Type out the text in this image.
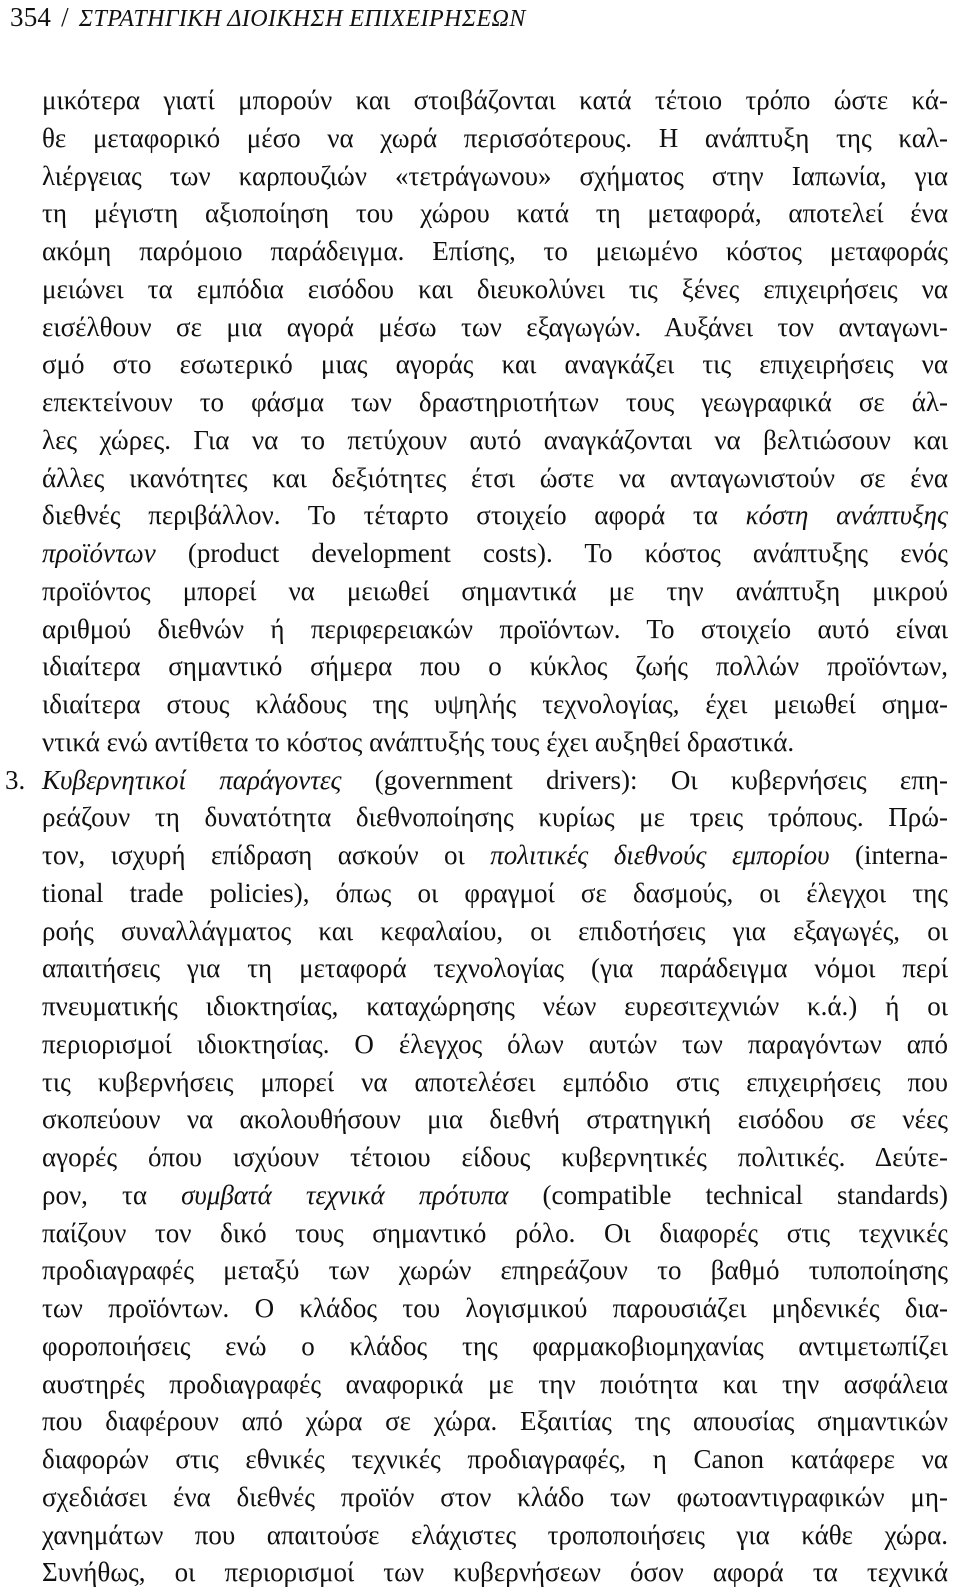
354 / ΣΤΡΑΤΗΓΙΚΗ ΔΙΟΙΚΗΣΗ ΕΠΙΧΕΙΡΗΣΕΩΝ
μικότερα γιατί μπορούν και στοιβάζονται κατά τέτοιο τρόπο ώστε κά-
θε μεταφορικό μέσο να χωρά περισσότερους. Η ανάπτυξη της καλ-
λιέργειας των καρπουζιών «τετράγωνου» σχήματος στην Ιαπωνία, για
τη μέγιστη αξιοποίηση του χώρου κατά τη μεταφορά, αποτελεί ένα
ακόμη παρόμοιο παράδειγμα. Επίσης, το μειωμένο κόστος μεταφοράς
μειώνει τα εμπόδια εισόδου και διευκολύνει τις ξένες επιχειρήσεις να
εισέλθουν σε μια αγορά μέσω των εξαγωγών. Αυξάνει τον ανταγωνι-
σμό στο εσωτερικό μιας αγοράς και αναγκάζει τις επιχειρήσεις να
επεκτείνουν το φάσμα των δραστηριοτήτων τους γεωγραφικά σε άλ-
λες χώρες. Για να το πετύχουν αυτό αναγκάζονται να βελτιώσουν και
άλλες ικανότητες και δεξιότητες έτσι ώστε να ανταγωνιστούν σε ένα
διεθνές περιβάλλον. Το τέταρτο στοιχείο αφορά τα κόστη ανάπτυξης
προϊόντων (product development costs). Το κόστος ανάπτυξης ενός
προϊόντος μπορεί να μειωθεί σημαντικά με την ανάπτυξη μικρού
αριθμού διεθνών ή περιφερειακών προϊόντων. Το στοιχείο αυτό είναι
ιδιαίτερα σημαντικό σήμερα που ο κύκλος ζωής πολλών προϊόντων,
ιδιαίτερα στους κλάδους της υψηλής τεχνολογίας, έχει μειωθεί σημα-
ντικά ενώ αντίθετα το κόστος ανάπτυξής τους έχει αυξηθεί δραστικά.
3. Κυβερνητικοί παράγοντες (government drivers): Οι κυβερνήσεις επη-
ρεάζουν τη δυνατότητα διεθνοποίησης κυρίως με τρεις τρόπους. Πρώ-
τον, ισχυρή επίδραση ασκούν οι πολιτικές διεθνούς εμπορίου (interna-
tional trade policies), όπως οι φραγμοί σε δασμούς, οι έλεγχοι της
ροής συναλλάγματος και κεφαλαίου, οι επιδοτήσεις για εξαγωγές, οι
απαιτήσεις για τη μεταφορά τεχνολογίας (για παράδειγμα νόμοι περί
πνευματικής ιδιοκτησίας, καταχώρησης νέων ευρεσιτεχνιών κ.ά.) ή οι
περιορισμοί ιδιοκτησίας. Ο έλεγχος όλων αυτών των παραγόντων από
τις κυβερνήσεις μπορεί να αποτελέσει εμπόδιο στις επιχειρήσεις που
σκοπεύουν να ακολουθήσουν μια διεθνή στρατηγική εισόδου σε νέες
αγορές όπου ισχύουν τέτοιου είδους κυβερνητικές πολιτικές. Δεύτε-
ρον, τα συμβατά τεχνικά πρότυπα (compatible technical standards)
παίζουν τον δικό τους σημαντικό ρόλο. Οι διαφορές στις τεχνικές
προδιαγραφές μεταξύ των χωρών επηρεάζουν το βαθμό τυποποίησης
των προϊόντων. Ο κλάδος του λογισμικού παρουσιάζει μηδενικές δια-
φοροποιήσεις ενώ ο κλάδος της φαρμακοβιομηχανίας αντιμετωπίζει
αυστηρές προδιαγραφές αναφορικά με την ποιότητα και την ασφάλεια
που διαφέρουν από χώρα σε χώρα. Εξαιτίας της απουσίας σημαντικών
διαφορών στις εθνικές τεχνικές προδιαγραφές, η Canon κατάφερε να
σχεδιάσει ένα διεθνές προϊόν στον κλάδο των φωτοαντιγραφικών μη-
χανημάτων που απαιτούσε ελάχιστες τροποποιήσεις για κάθε χώρα.
Συνήθως, οι περιορισμοί των κυβερνήσεων όσον αφορά τα τεχνικά
